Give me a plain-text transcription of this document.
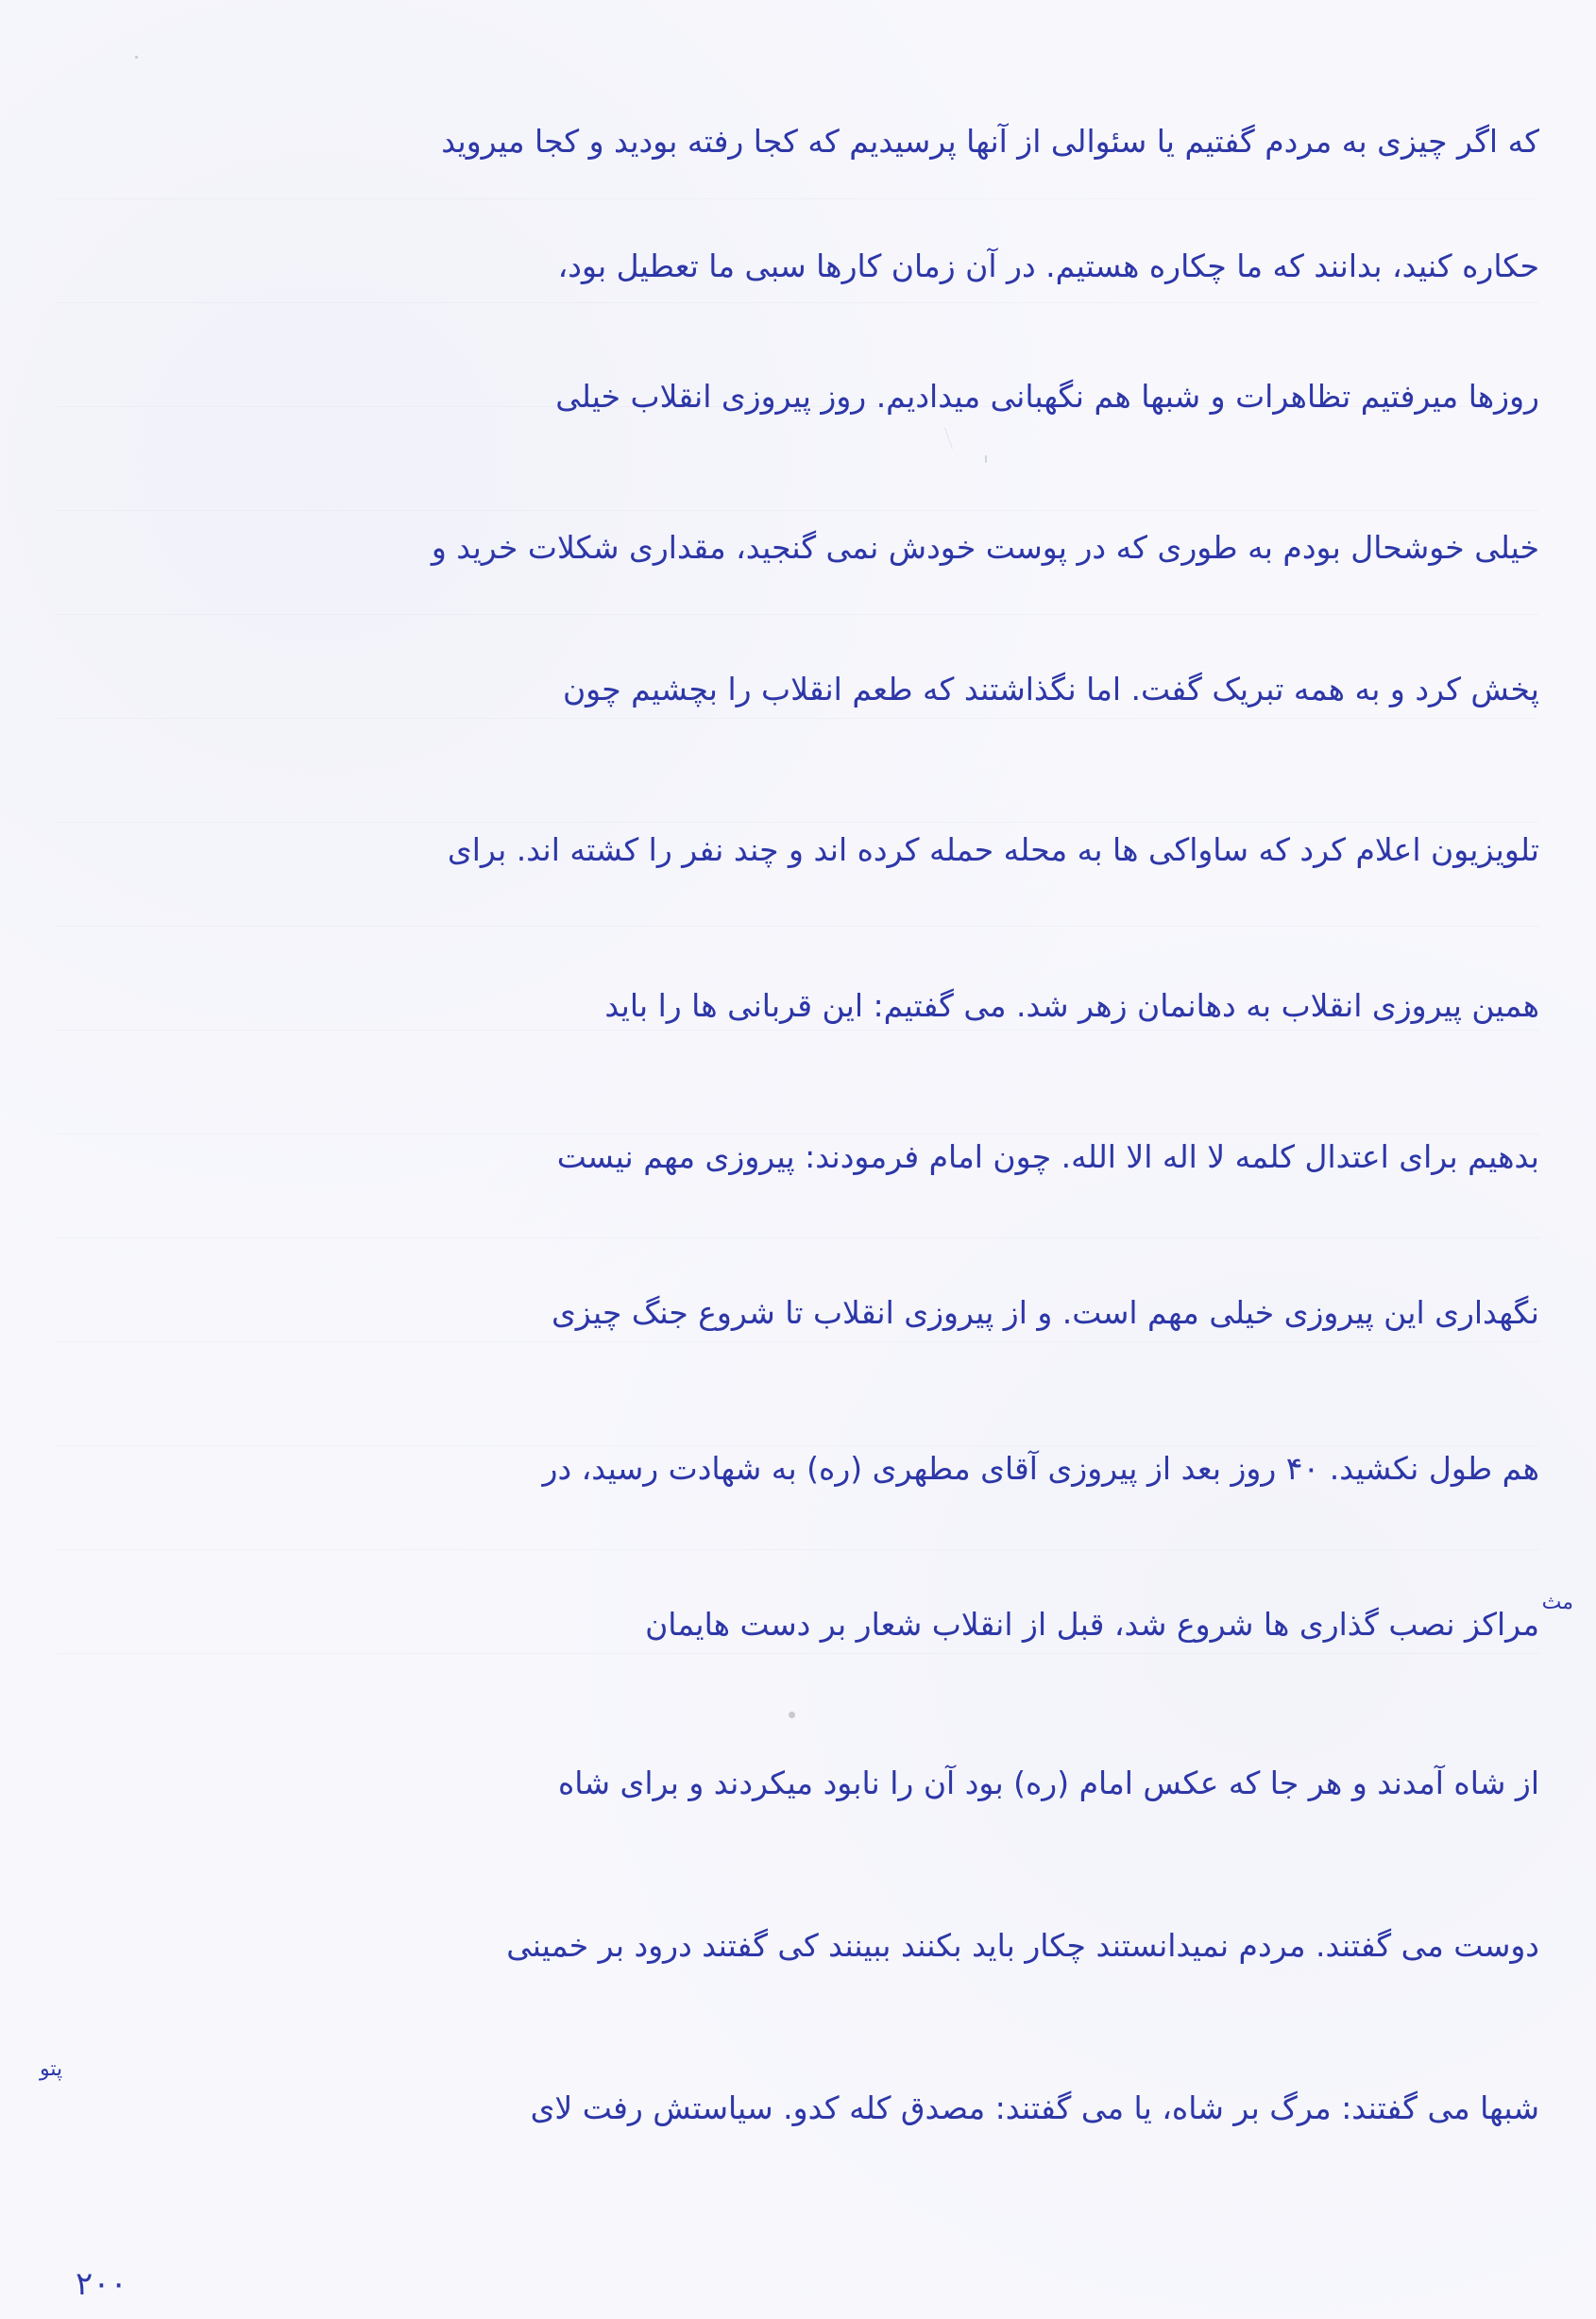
که اگر چیزی به مردم گفتیم یا سئوالی از آنها پرسیدیم که کجا رفته بودید و کجا میروید
حکاره کنید، بدانند که ما چکاره هستیم. در آن زمان کارها سبی ما تعطیل بود،
روزها میرفتیم تظاهرات و شبها هم نگهبانی میدادیم. روز پیروزی انقلاب خیلی
خیلی خوشحال بودم به طوری که در پوست خودش نمی گنجید، مقداری شکلات خرید و
پخش کرد و به همه تبریک گفت. اما نگذاشتند که طعم انقلاب را بچشیم چون
تلویزیون اعلام کرد که ساواکی ها به محله حمله کرده اند و چند نفر را کشته اند. برای
همین پیروزی انقلاب به دهانمان زهر شد. می گفتیم: این قربانی ها را باید
بدهیم برای اعتدال کلمه لا اله الا الله. چون امام فرمودند: پیروزی مهم نیست
نگهداری این پیروزی خیلی مهم است. و از پیروزی انقلاب تا شروع جنگ چیزی
هم طول نکشید. ۴۰ روز بعد از پیروزی آقای مطهری (ره) به شهادت رسید، در
مراکز نصب گذاری ها شروع شد، قبل از انقلاب شعار بر دست هایمان
از شاه آمدند و هر جا که عکس امام (ره) بود آن را نابود میکردند و برای شاه
دوست می گفتند. مردم نمیدانستند چکار باید بکنند ببینند کی گفتند درود بر خمینی
شبها می گفتند: مرگ بر شاه، یا می گفتند: مصدق کله کدو. سیاستش رفت لای
مث
پتو
۲۰۰
